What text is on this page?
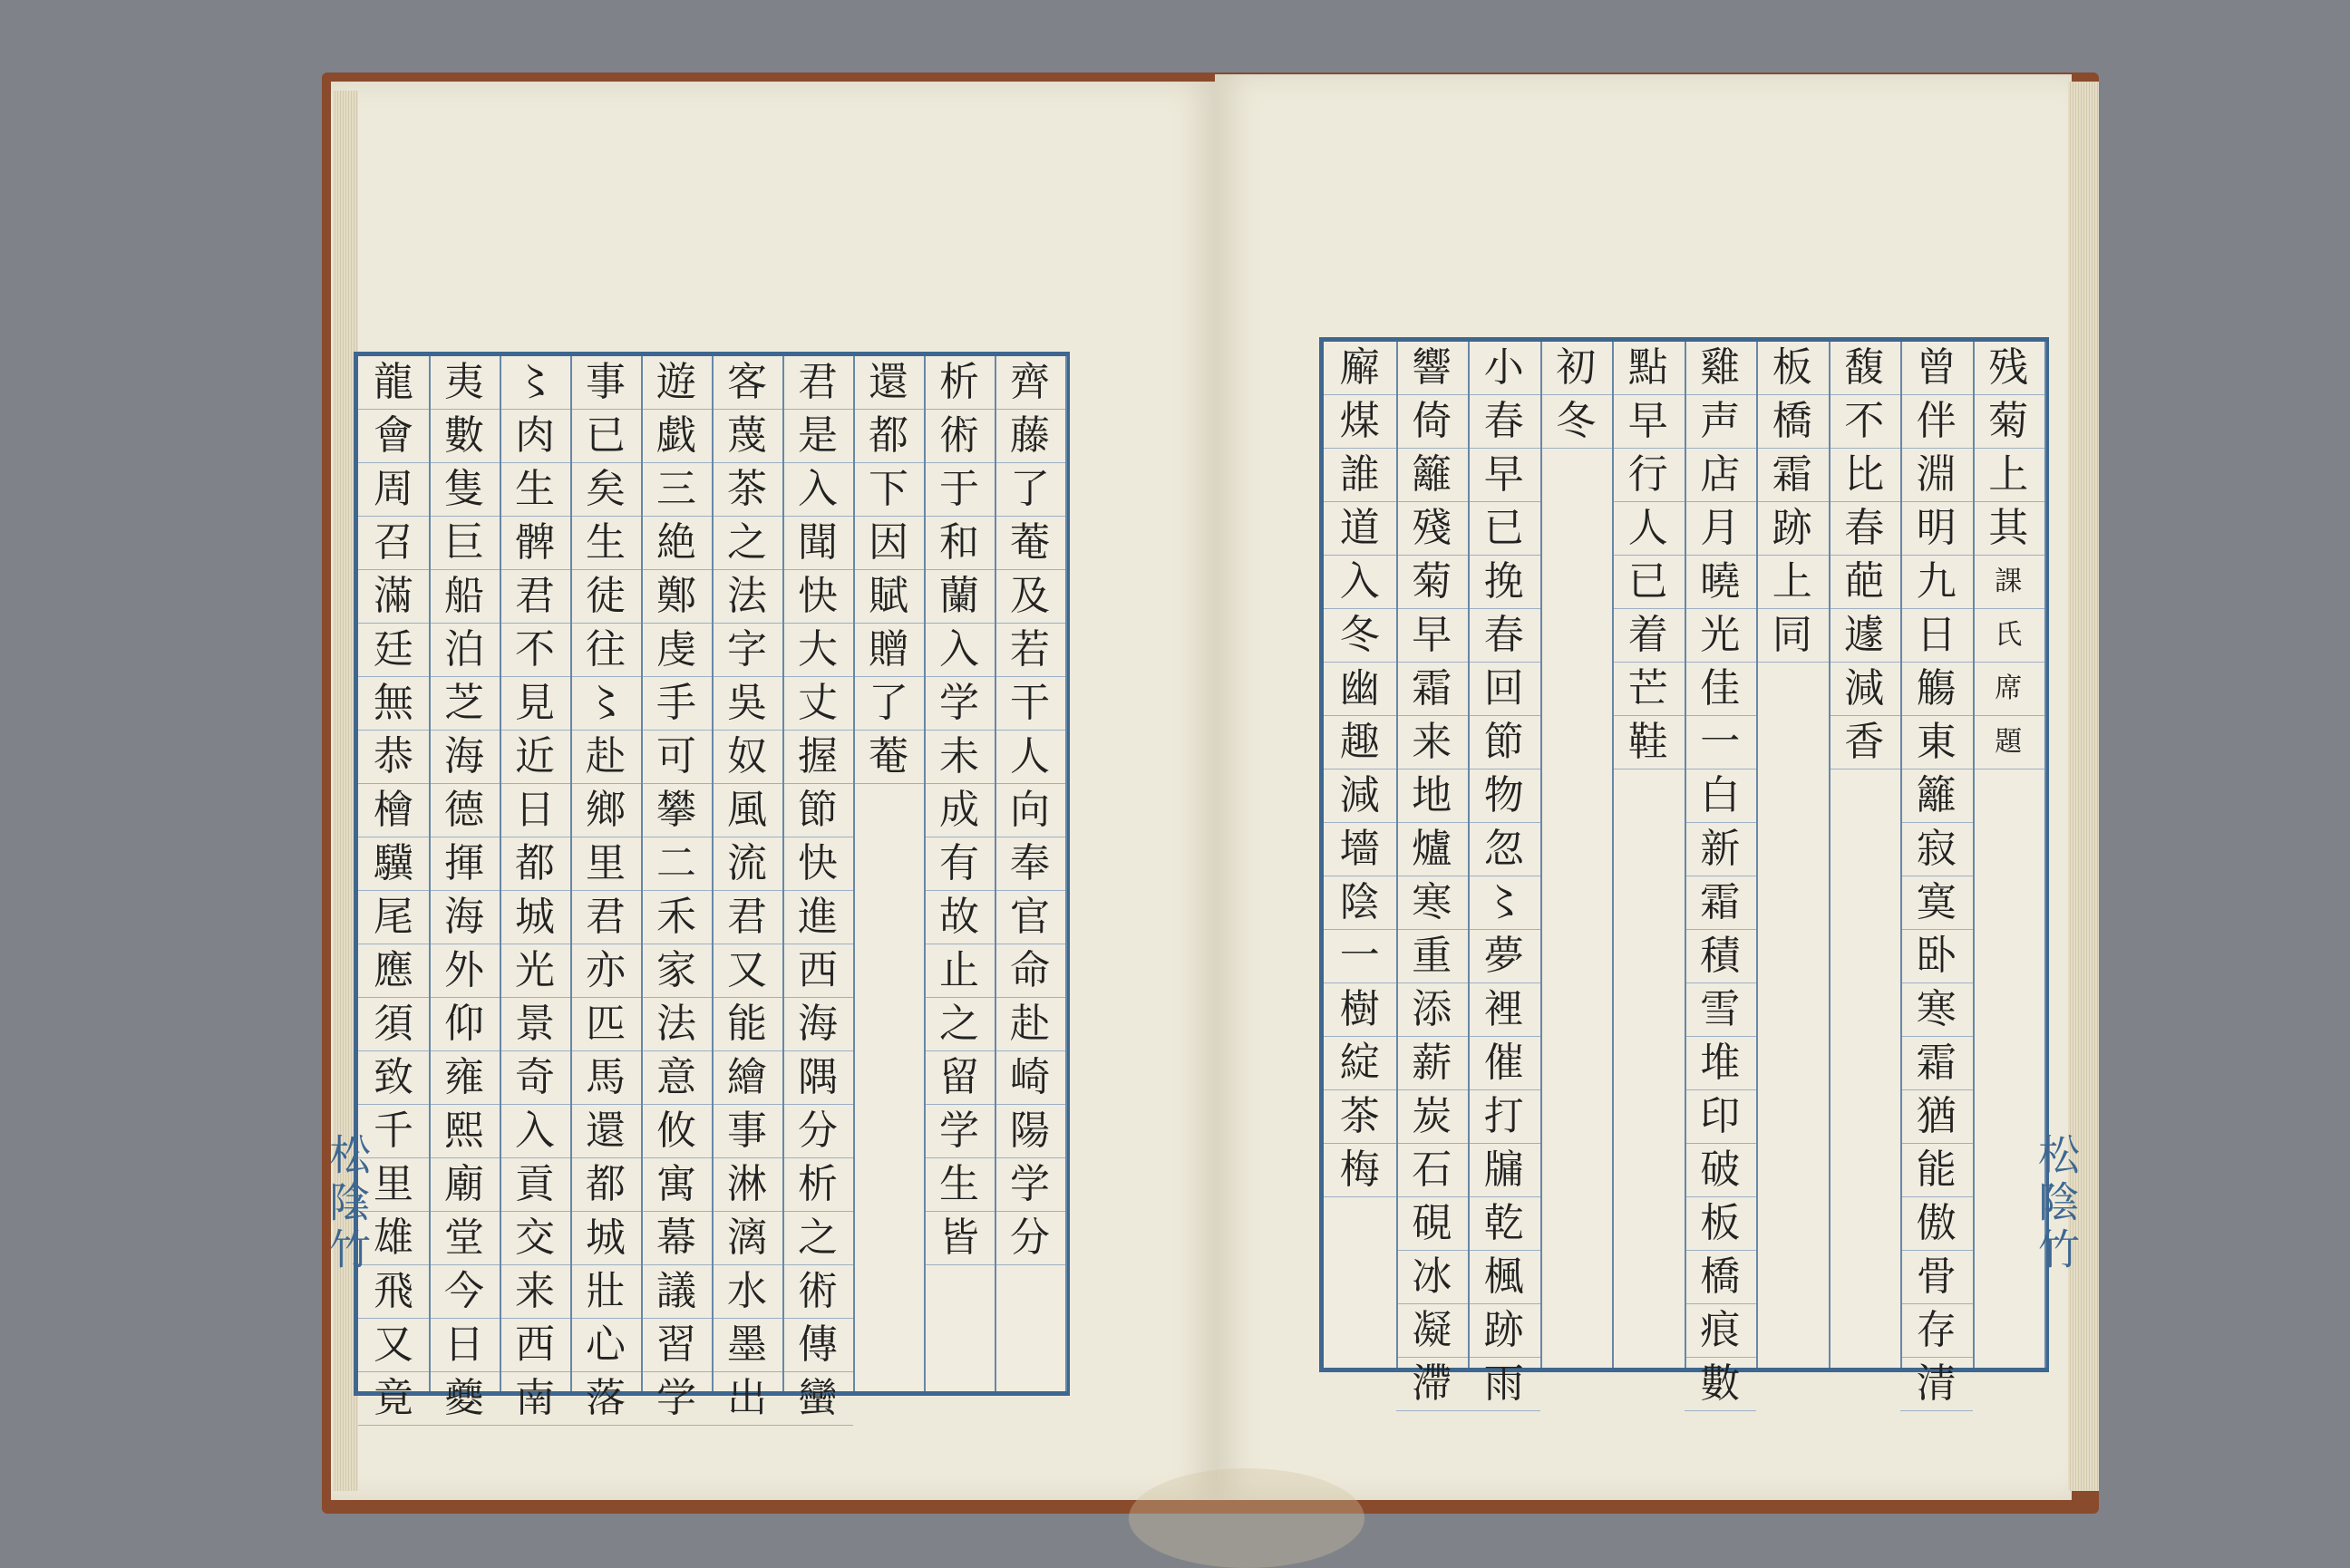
齊
藤
了
菴
及
若
干
人
向
奉
官
命
赴
崎
陽
学
分
析
術
于
和
蘭
入
学
未
成
有
故
止
之
留
学
生
皆
還
都
下
因
賦
贈
了
菴
君
是
入
聞
快
大
丈
握
節
快
進
西
海
隅
分
析
之
術
傳
蠻
客
蔑
茶
之
法
字
吳
奴
風
流
君
又
能
繪
事
淋
漓
水
墨
出
遊
戯
三
絶
鄭
虔
手
可
攀
二
禾
家
法
意
攸
寓
幕
議
習
学
事
已
矣
生
徒
往
〻
赴
鄉
里
君
亦
匹
馬
還
都
城
壯
心
落
〻
肉
生
髀
君
不
見
近
日
都
城
光
景
奇
入
貢
交
来
西
南
夷
數
隻
巨
船
泊
芝
海
德
揮
海
外
仰
雍
熙
廟
堂
今
日
夔
龍
會
周
召
滿
廷
無
恭
檜
驥
尾
應
須
致
千
里
雄
飛
又
竟
残
菊
上
其
課
氏
席
題
曾
伴
淵
明
九
日
觴
東
籬
寂
寞
卧
寒
霜
猶
能
傲
骨
存
清
馥
不
比
春
葩
遽
減
香
板
橋
霜
跡
上
同
雞
声
店
月
曉
光
佳
一
白
新
霜
積
雪
堆
印
破
板
橋
痕
數
點
早
行
人
已
着
芒
鞋
初
冬
小
春
早
已
挽
春
回
節
物
忽
〻
夢
裡
催
打
牖
乾
楓
跡
雨
響
倚
籬
殘
菊
早
霜
来
地
爐
寒
重
添
薪
炭
石
硯
冰
凝
滯
廨
煤
誰
道
入
冬
幽
趣
減
墻
陰
一
樹
綻
茶
梅
松陰竹	松陰竹
